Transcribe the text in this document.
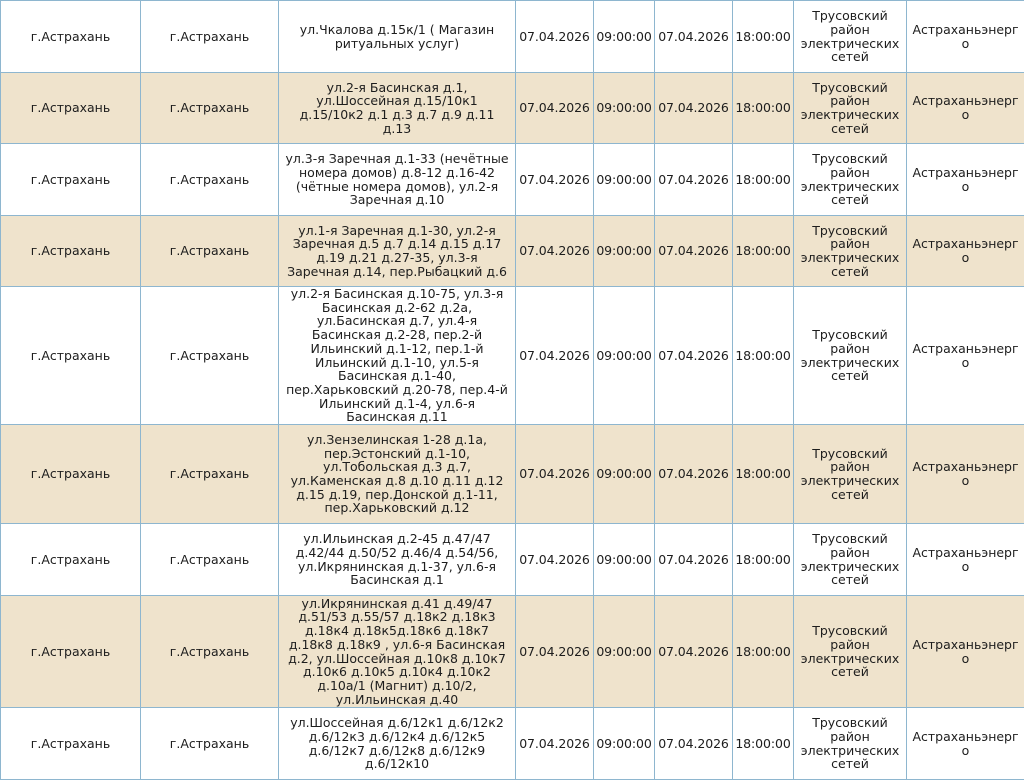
г.Астрахань	г.Астрахань	ул.Чкалова д.15к/1 ( Магазин ритуальных услуг)	07.04.2026	09:00:00	07.04.2026	18:00:00	Трусовский район электрических сетей	Астраханьэнерго
г.Астрахань	г.Астрахань	ул.2-я Басинская д.1, ул.Шоссейная д.15/10к1 д.15/10к2 д.1 д.3 д.7 д.9 д.11 д.13	07.04.2026	09:00:00	07.04.2026	18:00:00	Трусовский район электрических сетей	Астраханьэнерго
г.Астрахань	г.Астрахань	ул.3-я Заречная д.1-33 (нечётные номера домов) д.8-12 д.16-42 (чётные номера домов), ул.2-я Заречная д.10	07.04.2026	09:00:00	07.04.2026	18:00:00	Трусовский район электрических сетей	Астраханьэнерго
г.Астрахань	г.Астрахань	ул.1-я Заречная д.1-30, ул.2-я Заречная д.5 д.7 д.14 д.15 д.17 д.19 д.21 д.27-35, ул.3-я Заречная д.14, пер.Рыбацкий д.6	07.04.2026	09:00:00	07.04.2026	18:00:00	Трусовский район электрических сетей	Астраханьэнерго
г.Астрахань	г.Астрахань	ул.2-я Басинская д.10-75, ул.3-я Басинская д.2-62 д.2а, ул.Басинская д.7, ул.4-я Басинская д.2-28, пер.2-й Ильинский д.1-12, пер.1-й Ильинский д.1-10, ул.5-я Басинская д.1-40, пер.Харьковский д.20-78, пер.4-й Ильинский д.1-4, ул.6-я Басинская д.11	07.04.2026	09:00:00	07.04.2026	18:00:00	Трусовский район электрических сетей	Астраханьэнерго
г.Астрахань	г.Астрахань	ул.Зензелинская 1-28 д.1а, пер.Эстонский д.1-10, ул.Тобольская д.3 д.7, ул.Каменская д.8 д.10 д.11 д.12 д.15 д.19, пер.Донской д.1-11, пер.Харьковский д.12	07.04.2026	09:00:00	07.04.2026	18:00:00	Трусовский район электрических сетей	Астраханьэнерго
г.Астрахань	г.Астрахань	ул.Ильинская д.2-45 д.47/47 д.42/44 д.50/52 д.46/4 д.54/56, ул.Икрянинская д.1-37, ул.6-я Басинская д.1	07.04.2026	09:00:00	07.04.2026	18:00:00	Трусовский район электрических сетей	Астраханьэнерго
г.Астрахань	г.Астрахань	ул.Икрянинская д.41 д.49/47 д.51/53 д.55/57 д.18к2 д.18к3 д.18к4 д.18к5д.18к6 д.18к7 д.18к8 д.18к9 , ул.6-я Басинская д.2, ул.Шоссейная д.10к8 д.10к7 д.10к6 д.10к5 д.10к4 д.10к2 д.10а/1 (Магнит) д.10/2, ул.Ильинская д.40	07.04.2026	09:00:00	07.04.2026	18:00:00	Трусовский район электрических сетей	Астраханьэнерго
г.Астрахань	г.Астрахань	ул.Шоссейная д.6/12к1 д.6/12к2 д.6/12к3 д.6/12к4 д.6/12к5 д.6/12к7 д.6/12к8 д.6/12к9 д.6/12к10	07.04.2026	09:00:00	07.04.2026	18:00:00	Трусовский район электрических сетей	Астраханьэнерго
